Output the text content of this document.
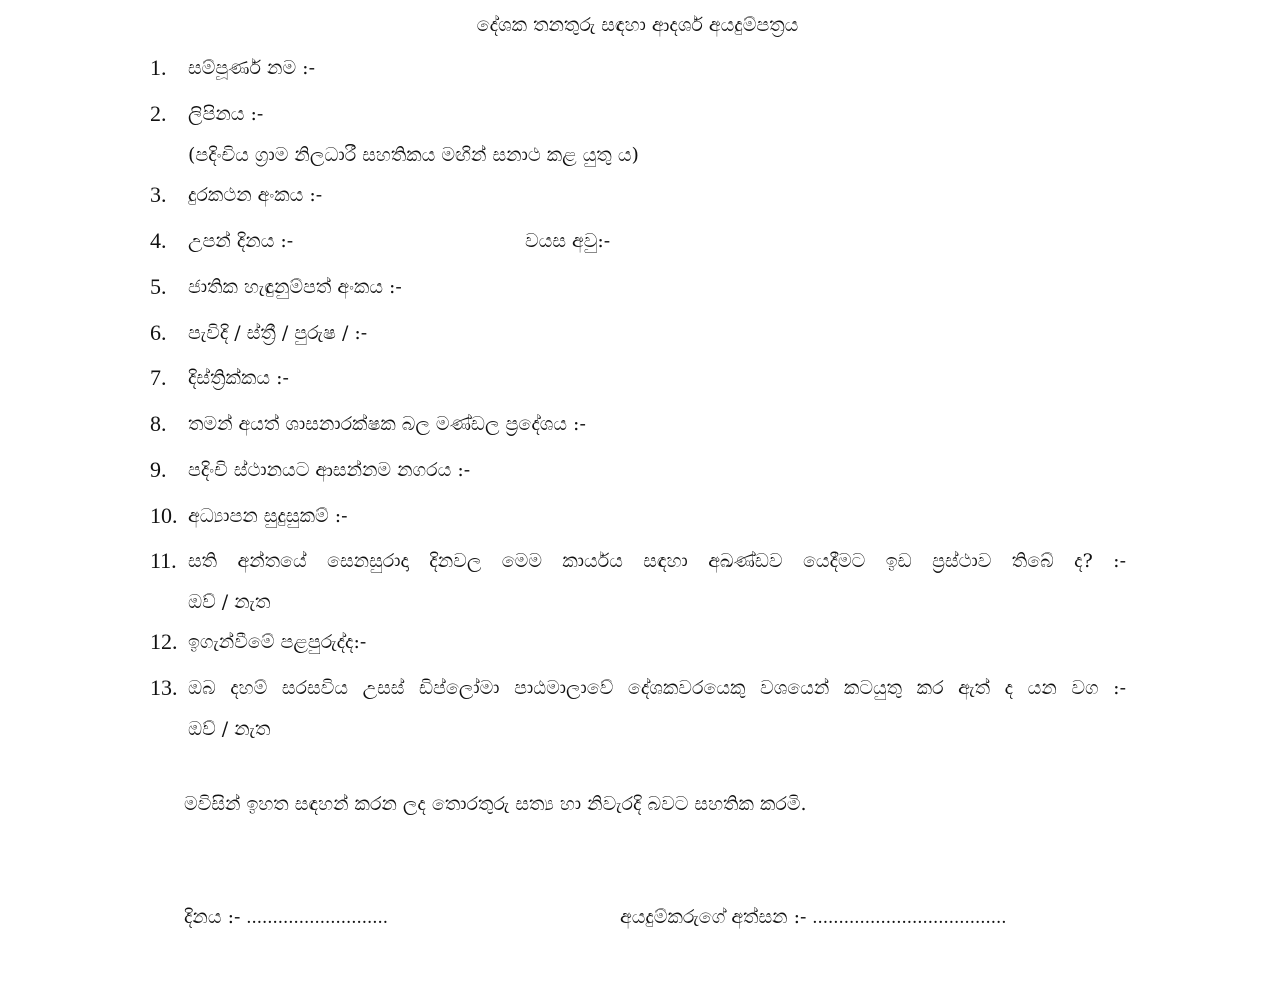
දේශක තනතුරු සඳහා ආදර්ශ අයදුම්පත්‍රය
1. සම්පූර්ණ නම :-
2. ලිපිනය :-
(පදිංචිය ග්‍රාම නිලධාරී සහතිකය මඟින් සනාථ කළ යුතු ය)
3. දුරකථන අංකය :-
4. උපන් දිනය :-	වයස අවු:-
5. ජාතික හැඳුනුම්පත් අංකය :-
6. පැවිදි / ස්ත්‍රී / පුරුෂ / :-
7. දිස්ත්‍රික්කය :-
8. තමන් අයත් ශාසනාරක්ෂක බල මණ්ඩල ප්‍රදේශය :-
9. පදිංචි ස්ථානයට ආසන්නම නගරය :-
10. අධ්‍යාපන සුදුසුකම් :-
11. සති අන්තයේ සෙනසුරාදා දිනවල මෙම කාර්යය සඳහා අඛණ්ඩව යෙදීමට ඉඩ ප්‍රස්ථාව තිබේ ද? :-
ඔව් / නැත
12. ඉගැන්වීමේ පළපුරුද්ද:-
13. ඔබ දහම් සරසවිය උසස් ඩිප්ලෝමා පාඨමාලාවේ දේශකවරයෙකු වශයෙන් කටයුතු කර ඇත් ද යන වග :-
ඔව් / නැත
මවිසින් ඉහත සඳහන් කරන ලද තොරතුරු සත්‍ය හා නිවැරදි බවට සහතික කරමි.
දිනය :- ...........................	අයදුම්කරුගේ අත්සන :- .....................................
